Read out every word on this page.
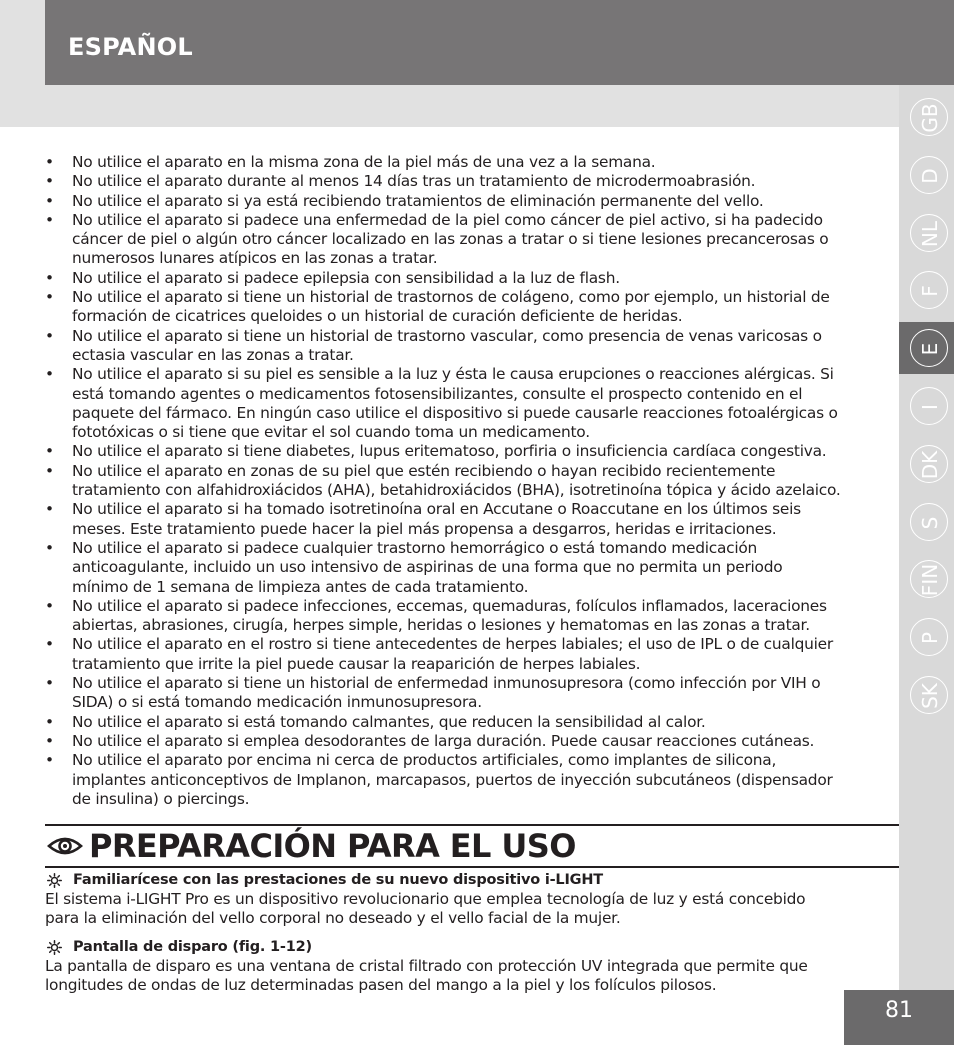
ESPAÑOL
GB
D
NL
F
E
I
DK
S
FIN
P
SK
• No utilice el aparato en la misma zona de la piel más de una vez a la semana.
• No utilice el aparato durante al menos 14 días tras un tratamiento de microdermoabrasión.
• No utilice el aparato si ya está recibiendo tratamientos de eliminación permanente del vello.
• No utilice el aparato si padece una enfermedad de la piel como cáncer de piel activo, si ha padecido
cáncer de piel o algún otro cáncer localizado en las zonas a tratar o si tiene lesiones precancerosas o
numerosos lunares atípicos en las zonas a tratar.
• No utilice el aparato si padece epilepsia con sensibilidad a la luz de flash.
• No utilice el aparato si tiene un historial de trastornos de colágeno, como por ejemplo, un historial de
formación de cicatrices queloides o un historial de curación deficiente de heridas.
• No utilice el aparato si tiene un historial de trastorno vascular, como presencia de venas varicosas o
ectasia vascular en las zonas a tratar.
• No utilice el aparato si su piel es sensible a la luz y ésta le causa erupciones o reacciones alérgicas. Si
está tomando agentes o medicamentos fotosensibilizantes, consulte el prospecto contenido en el
paquete del fármaco. En ningún caso utilice el dispositivo si puede causarle reacciones fotoalérgicas o
fototóxicas o si tiene que evitar el sol cuando toma un medicamento.
• No utilice el aparato si tiene diabetes, lupus eritematoso, porfiria o insuficiencia cardíaca congestiva.
• No utilice el aparato en zonas de su piel que estén recibiendo o hayan recibido recientemente
tratamiento con alfahidroxiácidos (AHA), betahidroxiácidos (BHA), isotretinoína tópica y ácido azelaico.
• No utilice el aparato si ha tomado isotretinoína oral en Accutane o Roaccutane en los últimos seis
meses. Este tratamiento puede hacer la piel más propensa a desgarros, heridas e irritaciones.
• No utilice el aparato si padece cualquier trastorno hemorrágico o está tomando medicación
anticoagulante, incluido un uso intensivo de aspirinas de una forma que no permita un periodo
mínimo de 1 semana de limpieza antes de cada tratamiento.
• No utilice el aparato si padece infecciones, eccemas, quemaduras, folículos inflamados, laceraciones
abiertas, abrasiones, cirugía, herpes simple, heridas o lesiones y hematomas en las zonas a tratar.
• No utilice el aparato en el rostro si tiene antecedentes de herpes labiales; el uso de IPL o de cualquier
tratamiento que irrite la piel puede causar la reaparición de herpes labiales.
• No utilice el aparato si tiene un historial de enfermedad inmunosupresora (como infección por VIH o
SIDA) o si está tomando medicación inmunosupresora.
• No utilice el aparato si está tomando calmantes, que reducen la sensibilidad al calor.
• No utilice el aparato si emplea desodorantes de larga duración. Puede causar reacciones cutáneas.
• No utilice el aparato por encima ni cerca de productos artificiales, como implantes de silicona,
implantes anticonceptivos de Implanon, marcapasos, puertos de inyección subcutáneos (dispensador
de insulina) o piercings.
PREPARACIÓN PARA EL USO
Familiarícese con las prestaciones de su nuevo dispositivo i-LIGHT
El sistema i-LIGHT Pro es un dispositivo revolucionario que emplea tecnología de luz y está concebido
para la eliminación del vello corporal no deseado y el vello facial de la mujer.
Pantalla de disparo (fig. 1-12)
La pantalla de disparo es una ventana de cristal filtrado con protección UV integrada que permite que
longitudes de ondas de luz determinadas pasen del mango a la piel y los folículos pilosos.
81
